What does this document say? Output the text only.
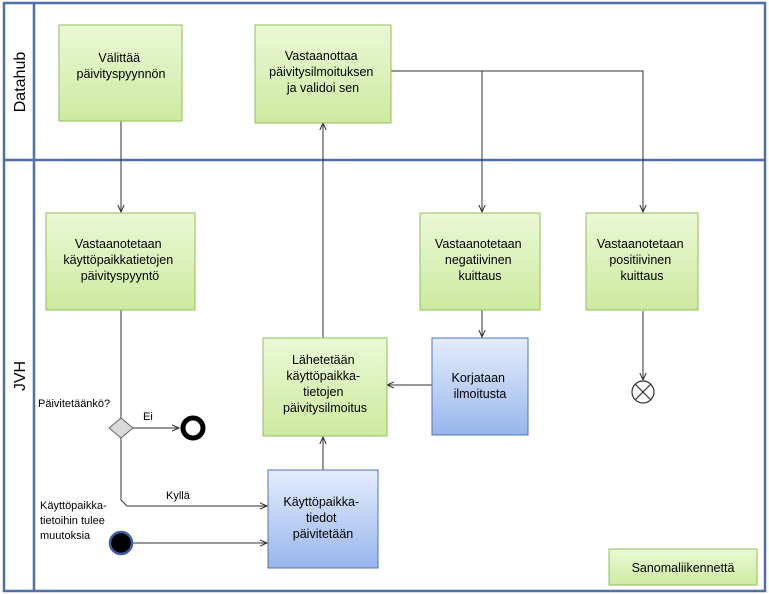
Datahub
JVH
Välittää päivityspyynnön
Vastaanottaa päivitysilmoituksen ja validoi sen
Vastaanotetaan käyttöpaikkatietojen päivityspyyntö
Vastaanotetaan negatiivinen kuittaus
Vastaanotetaan positiivinen kuittaus
Lähetetään käyttöpaikka- tietojen päivitysilmoitus
Korjataan ilmoitusta
Käyttöpaikka- tiedot päivitetään
Päivitetäänkö?
Ei
Kyllä
Käyttöpaikka- tietoihin tulee muutoksia
Sanomaliikennettä
